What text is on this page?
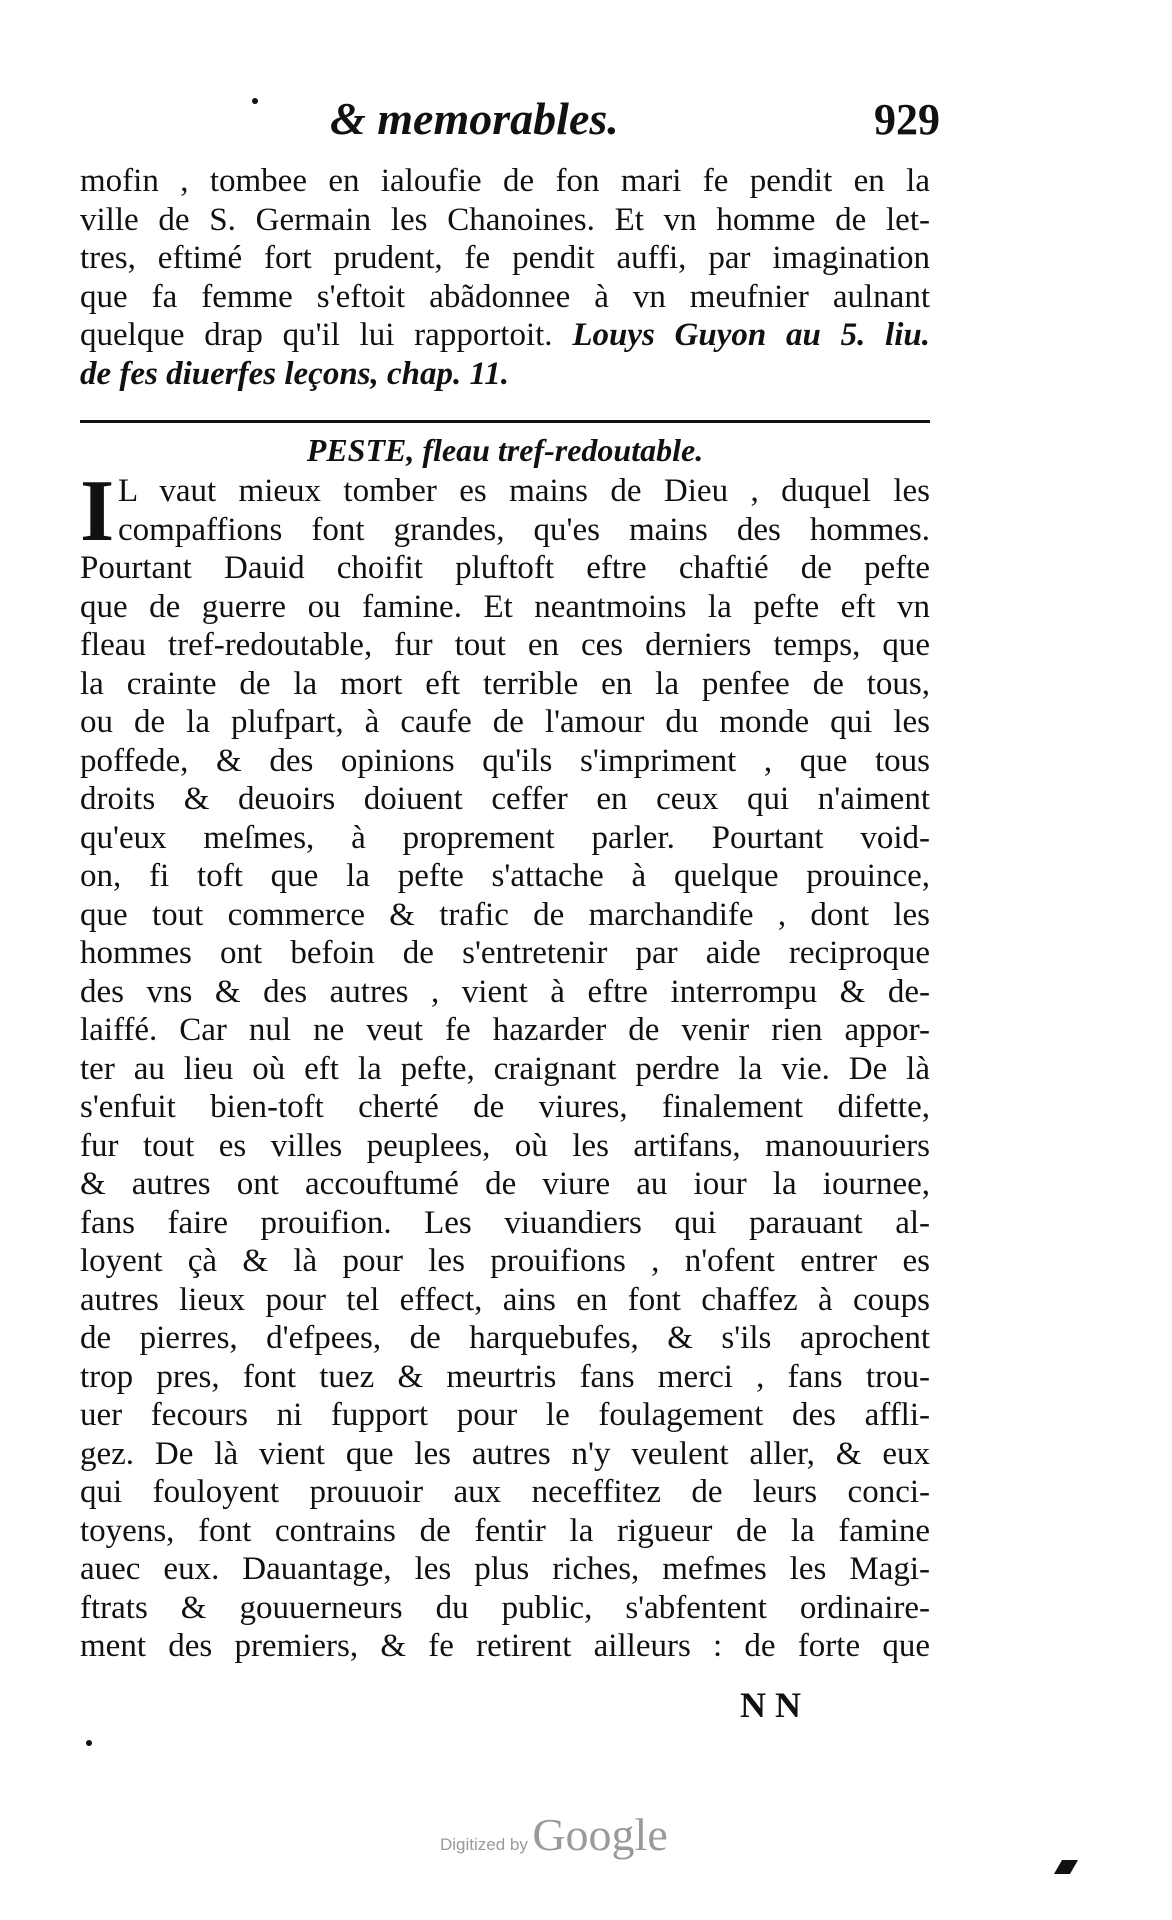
& memorables.	929
mofin , tombee en ialoufie de fon mari fe pendit en la
ville de S. Germain les Chanoines. Et vn homme de let-
tres, eftimé fort prudent, fe pendit auffi, par imagination
que fa femme s'eftoit abãdonnee à vn meufnier aulnant
quelque drap qu'il lui rapportoit. Louys Guyon au 5. liu.
de fes diuerfes leçons, chap. 11.
PESTE, fleau tref-redoutable.
I L vaut mieux tomber es mains de Dieu , duquel les
compaffions font grandes, qu'es mains des hommes.
Pourtant Dauid choifit pluftoft eftre chaftié de pefte
que de guerre ou famine. Et neantmoins la pefte eft vn
fleau tref-redoutable, fur tout en ces derniers temps, que
la crainte de la mort eft terrible en la penfee de tous,
ou de la plufpart, à caufe de l'amour du monde qui les
poffede, & des opinions qu'ils s'impriment , que tous
droits & deuoirs doiuent ceffer en ceux qui n'aiment
qu'eux meſmes, à proprement parler. Pourtant void-
on, fi toft que la pefte s'attache à quelque prouince,
que tout commerce & trafic de marchandife , dont les
hommes ont befoin de s'entretenir par aide reciproque
des vns & des autres , vient à eftre interrompu & de-
laiffé. Car nul ne veut fe hazarder de venir rien appor-
ter au lieu où eft la pefte, craignant perdre la vie. De là
s'enfuit bien-toft cherté de viures, finalement difette,
fur tout es villes peuplees, où les artifans, manouuriers
& autres ont accouftumé de viure au iour la iournee,
fans faire prouifion. Les viuandiers qui parauant al-
loyent çà & là pour les prouifions , n'ofent entrer es
autres lieux pour tel effect, ains en font chaffez à coups
de pierres, d'efpees, de harquebufes, & s'ils aprochent
trop pres, font tuez & meurtris fans merci , fans trou-
uer fecours ni fupport pour le foulagement des affli-
gez. De là vient que les autres n'y veulent aller, & eux
qui fouloyent prouuoir aux neceffitez de leurs conci-
toyens, font contrains de fentir la rigueur de la famine
auec eux. Dauantage, les plus riches, mefmes les Magi-
ftrats & gouuerneurs du public, s'abfentent ordinaire-
ment des premiers, & fe retirent ailleurs : de forte que
N N
Digitized by Google
